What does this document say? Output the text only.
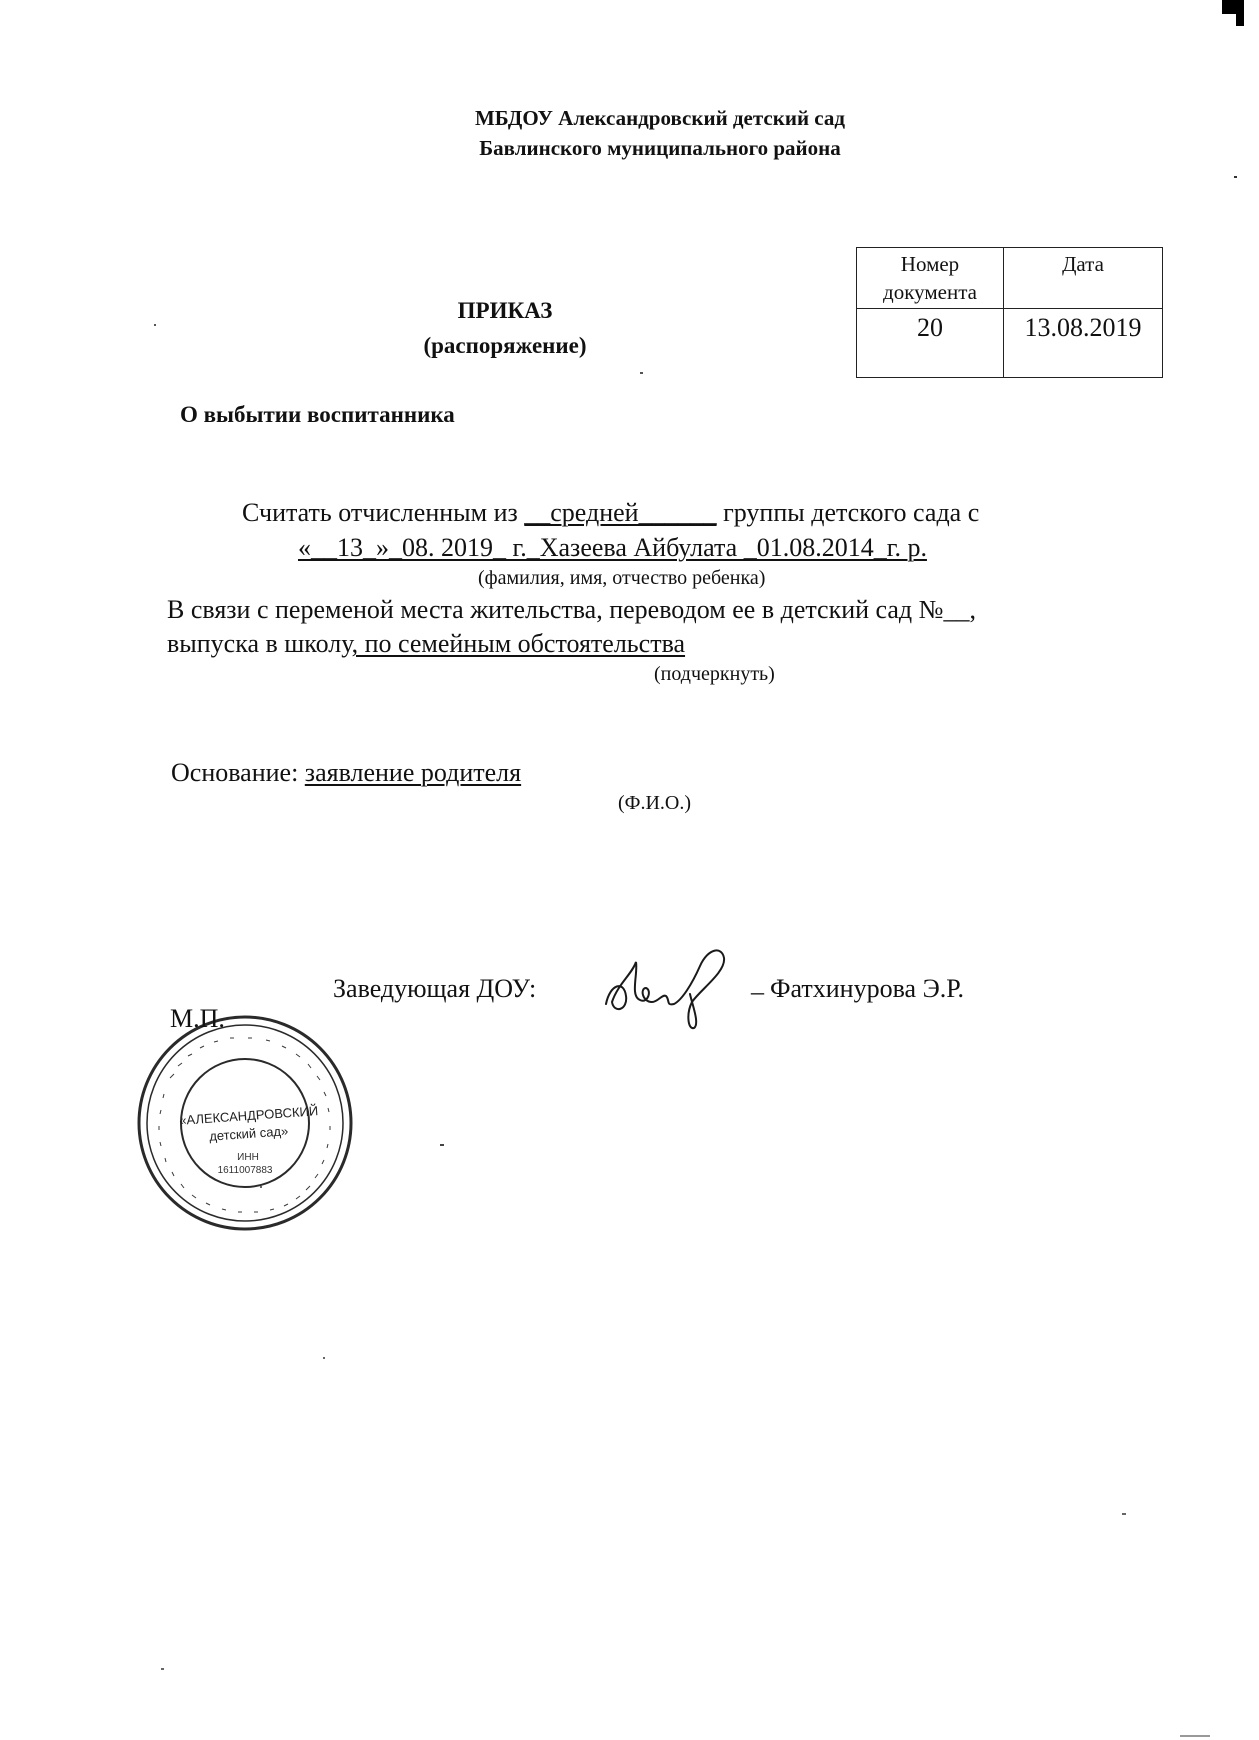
МБДОУ Александровский детский сад
Бавлинского муниципального района
Номер документа	Дата
20	13.08.2019
ПРИКАЗ
(распоряжение)
О выбытии воспитанника
Считать отчисленным из __средней______ группы детского сада с
«__13_»_08. 2019_ г._Хазеева Айбулата _01.08.2014_г. р.
(фамилия, имя, отчество ребенка)
В связи с переменой места жительства, переводом ее в детский сад №__,
выпуска в школу, по семейным обстоятельства
(подчеркнуть)
Основание: заявление родителя
(Ф.И.О.)
Заведующая ДОУ:	Фатхинурова Э.Р.
_
«АЛЕКСАНДРОВСКИЙ
детский сад»
ИНН
1611007883
М.П.
